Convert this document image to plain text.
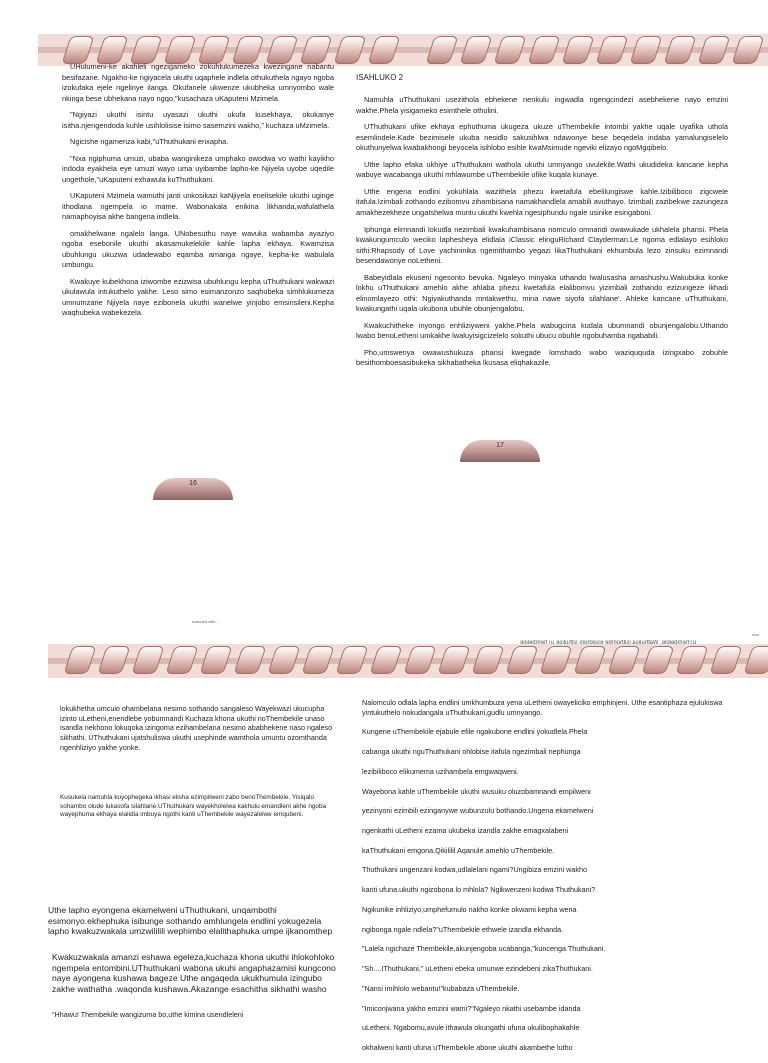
UHulumeni-ke akahleli ngezigameko zokuhlukumezeka kwezingane nabantu besifazane. Ngakho-ke ngiyacela ukuthi uqaphele indlela othukuthela ngayo ngoba izokufaka ejele ngelinye ilanga. Okufanele ukwenze ukubheka umnyombo wale nkinga bese ubhekana nayo ngqo,"kusachaza uKaputeni Mzimela.

"Ngiyazi ukuthi isintu uyasazi ukuthi ukufa kusekhaya, okukanye isitha.njengendoda kuhle usihlolisise isimo sasemzini wakho," kuchaza uMzimela.

Ngicishe ngamenza kabi,"uThuthukani enxapha.

"Nxa ngiphuma umuzi, ubaba wanginikeza umphako owodwa vo wathi kayikho indoda eyakhela eye umuzi wayo uma uyibambe lapho-ke Njiyela uyobe uqedile ungethole,"uKaputeni exhawula kuThuthukani.

UKaputeni Mzimela wamuthi janti unkosikazi kaNjiyela enelisekile ukuthi uginge ithodlana ngempela io mame. Wabonakala enikina likhanda,wafulathela namaphoyisa akhe bangena indlela.

omakhelwane ngalelo langa. UNobesuthu naye wavuka wabamba ayaziyo ngoba esebonile ukuthi akasamukelekile kahle lapha ekhaya. Kwamzisa ubuhlungu ukuzwa udadewabo eqamba amanga ngaye, kepha-ke wabulala umbungu.

Kwakuye kubekhona iziwombe ezizwisa ubuhlungu kepha uThuthukani wakwazi ukulawula intukuthelo yakhe. Leso simo esimanzonzo saqhubeka simhlukumeza umnumzane Njiyela naye ezibonela ukuthi wanelwe yinjobo emsinsileni.Kepha waqhubeka wabekezela.

ISAHLUKO 2

Namuhla uThuthukani usezithola ebhekene nenkulu ingwadla ngengcindezi asebhekene nayo emzini wakhe.Phela yisigameko esimthele othulini.

UThuthukani ufike ekhaya ephuthuma ukugeza ukuze uThembekile intombi yakhe uqale uyafika uthola esemlindele.Kade bezimisele ukuba nesidlo sakusihlwa ndawonye bese beqedela indaba yamalungiselelo okuthunyelwa kwabakhongi beyocela isihlobo esihle kwaMsimude ngeviki elizayo ngoMgqibelo.

Uthe lapho efaka ukhiye uThuthukani wathola ukuthi umnyango uvulekile.Wathi ukudideka kancane kepha wabuye wacabanga ukuthi mhlawumbe uThembekile ufike kuqala kunaye.

Uthe engena endlini yokuhlala wazithela phezu kwetafula ebelilungiswe kahle.Izibiliboco zigcwele itafula.Izimbali zothando ezibomvu zihambisana namakhandlela amabili avuthayo. Izimbali zazibekwe zazungeza amakhezekheze ungatshelwa muntu ukuthi kwehla ngesiphundu ngale usinike esingaboni.

Iphunga elimnandi lokudla nezimbali kwakuhambisana nomculo omnandi owawukade ukhalela phansi. Phela kwakungumculo weciko laphesheya elidlala iClassic elinguRichard Clayderman.Le ngoma edlalayo esihloko sithi:Rhapsody of Love yachininika ngemithambo yegazi likaThuthukani ekhumbula lezo zinsuku ezimnandi besendawonye noLetheni.

Babeyidlala ekuseni ngesonto bevuka. Ngaleyo minyaka uthando lwalusasha amashushu.Wakubuka konke lokhu uThuthukani amehlo akhe ahlaba phezu kwetafula elalibomvu yizimbali zothando ezizungeze ikhadi elinomlayezo othi: Ngiyakuthanda mntakwethu, mina nawe siyofa silahlane'. Ahleke kancane uThuthukani, kwakungathi uqala ukubona ubuhle obunjengalobu.

Kwakuchitheke inyongo enhliziyweni yakhe.Phela wabugcina kudala ubumnandi obunjengalobu.Uthando lwabo benoLetheni umkakhe lwaluyisigcizelelo sokuthi ubucu obuhle ngobuhamba ngababili.

Pho,umswenya owawushukuza phansi kwegade lomshado wabo waziququda izingxabo zobuhle besithomboesasibukeka sikhabatheka lkusasa eliqhakazile.

16
17
scanned with...
ααα
uThembekile. Wathulisa isithombe esokhoni sithulise uThembekile

lokukhetha umcuio ohambelana nesimo sothando sangaleso Wayekwazi ukucupha izinto uLetheni,enendlebe yobumnandi Kuchaza khona ukuthi noThembekile unaso isandla nekhono lokuqoka izingoma ezihambelana nesimo ababhekene naso ngaleso sikhathi. UThuthukani ujatshuliswa ukuthi usephinde wamthola umuntu ozomthanda ngenhliziyo yakhe yonke.

Kusukela namuhla kuyophegeka ikhasi elisha ezimpilweni zabo benoThembekile. Yisiqalo sohambo olude lukasofa silahlane.UThuthukani wayekholelwa kakhulu emandleni akhe ngoba wayephuma ekhaya elalidla imbuya ngothi kanti uThembekile wayezalelwe emqubeni.

Uthe lapho eyongena ekamelweni uThuthukani, unqambothi esimonyo.ekhephuka isibunge sothando amhlungela endlini yokugezela lapho kwakuzwakala umzwililili wephimbo elalithaphuka umpe ijkanomthep

Kwakuzwakala amanzi eshawa egeleza,kuchaza khona ukuthi ihlokohloko ngempela entombini.UThuthukani wabona ukuhi angaphazamisi kungcono naye ayongena kushawa bageze Uthe angaqeda ukukhumula izingubo zakhe wathatha .waqonda kushawa.Akazange esachitha sikhathi washo

"Hhawu! Thembekile wangizuma bo,uthe kimina usendleleni

Nalomculo odlala lapha endlini umkhumbuza yena uLetheni owayeliciko emphinjeni. Uthe esantiphaza ejulukiswa yintukuthelo nokudangala uThuthukani,gudlu umnyango.

Kungene uThembekile ejabule efile ngakubone endlini yokudlela.Phela

cabanga ukuthi nguThuthukani ohlobise itafula ngezimbali nephunga

lezibiliboco elikumema uzihambela emgwaqweni.

Wayebona kahle uThembekile ukuthi wusuku oluzobamnandi empilweni

yezinyoni ezimbili ezinganywe wubunzulu bothando.Ungena ekamelweni

ngenkathi uLetheni ezama ukubeka izandla zakhe emagxalabeni

kaThuthukani emgona.Qikililil Aqanule amehlo uThembekile.

Thuthukani ungenzani kodwa,udlalelani ngami?Ungibiza emzini wakho

kanti ufuna.ukuthi ngizobona lo mhlola? Ngikwenzeni kodwa Thuthukani?

Ngikunike inhliziyo,umphefumulo nakho konke okwami kepha wena

ngibonga ngale ndlela?"uThembekile ethwele izandla ekhanda.

"Lalela ngichaze Thembekile,akunjengoba ucabanga,"kuncenga Thuthukani.

"Sh....IThuthukani," uLetheni ebeka umunwe ezindebeni zikaThuthukani.

"Nansi imihlolo webantu!"kubabaza uThembekile.

"Imiconjwana yakho emzini wami?"Ngaleyo nkathi usebambe idanda

uLetheni. Ngabomu,avule ithawula okungathi ufuna ukulibophakahle

okhalweni kanti ufuna uThembekile abone ukuthi akambethe lutho
